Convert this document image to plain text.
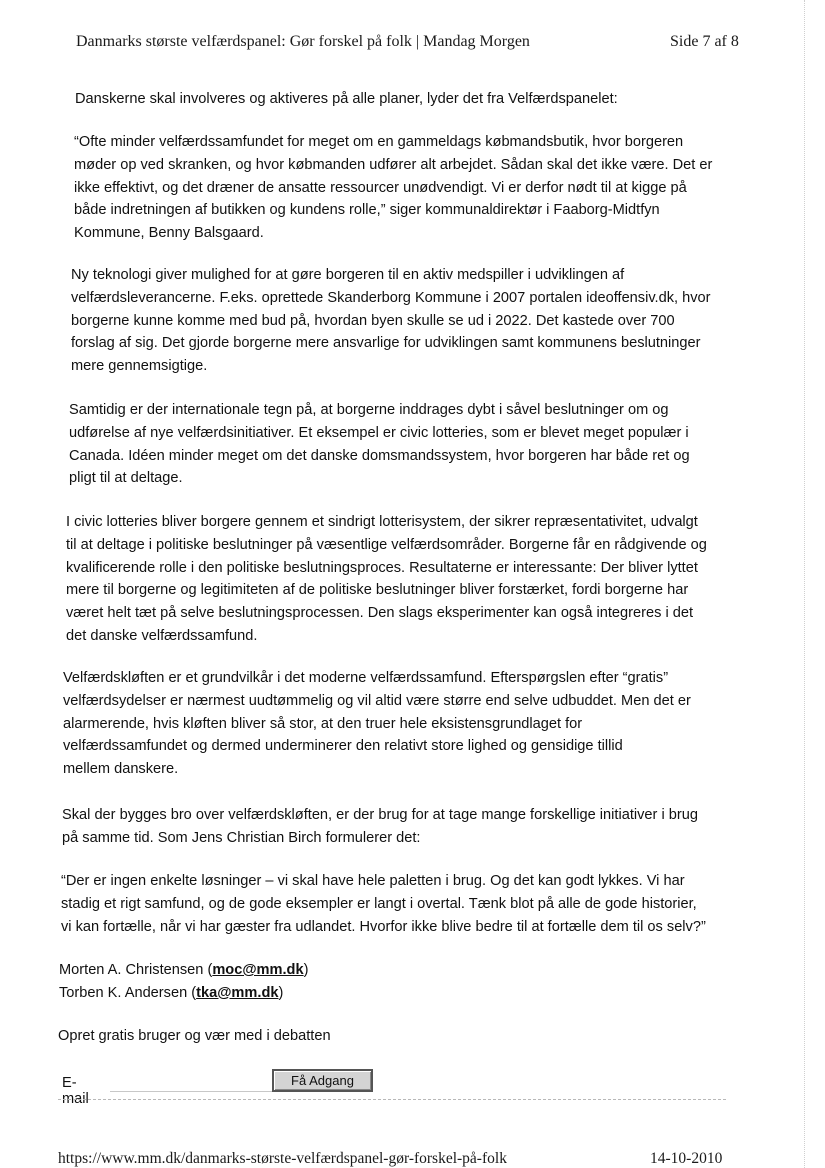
Danmarks største velfærdspanel: Gør forskel på folk | Mandag Morgen	Side 7 af 8
Danskerne skal involveres og aktiveres på alle planer, lyder det fra Velfærdspanelet:
“Ofte minder velfærdssamfundet for meget om en gammeldags købmandsbutik, hvor borgeren
møder op ved skranken, og hvor købmanden udfører alt arbejdet. Sådan skal det ikke være. Det er
ikke effektivt, og det dræner de ansatte ressourcer unødvendigt. Vi er derfor nødt til at kigge på
både indretningen af butikken og kundens rolle,” siger kommunaldirektør i Faaborg-Midtfyn
Kommune, Benny Balsgaard.
Ny teknologi giver mulighed for at gøre borgeren til en aktiv medspiller i udviklingen af
velfærdsleverancerne. F.eks. oprettede Skanderborg Kommune i 2007 portalen ideoffensiv.dk, hvor
borgerne kunne komme med bud på, hvordan byen skulle se ud i 2022. Det kastede over 700
forslag af sig. Det gjorde borgerne mere ansvarlige for udviklingen samt kommunens beslutninger
mere gennemsigtige.
Samtidig er der internationale tegn på, at borgerne inddrages dybt i såvel beslutninger om og
udførelse af nye velfærdsinitiativer. Et eksempel er civic lotteries, som er blevet meget populær i
Canada. Idéen minder meget om det danske domsmandssystem, hvor borgeren har både ret og
pligt til at deltage.
I civic lotteries bliver borgere gennem et sindrigt lotterisystem, der sikrer repræsentativitet, udvalgt
til at deltage i politiske beslutninger på væsentlige velfærdsområder. Borgerne får en rådgivende og
kvalificerende rolle i den politiske beslutningsproces. Resultaterne er interessante: Der bliver lyttet
mere til borgerne og legitimiteten af de politiske beslutninger bliver forstærket, fordi borgerne har
været helt tæt på selve beslutningsprocessen. Den slags eksperimenter kan også integreres i det
det danske velfærdssamfund.
Velfærdskløften er et grundvilkår i det moderne velfærdssamfund. Efterspørgslen efter “gratis”
velfærdsydelser er nærmest uudtømmelig og vil altid være større end selve udbuddet. Men det er
alarmerende, hvis kløften bliver så stor, at den truer hele eksistensgrundlaget for
velfærdssamfundet og dermed underminerer den relativt store lighed og gensidige tillid
mellem danskere.
Skal der bygges bro over velfærdskløften, er der brug for at tage mange forskellige initiativer i brug
på samme tid. Som Jens Christian Birch formulerer det:
“Der er ingen enkelte løsninger – vi skal have hele paletten i brug. Og det kan godt lykkes. Vi har
stadig et rigt samfund, og de gode eksempler er langt i overtal. Tænk blot på alle de gode historier,
vi kan fortælle, når vi har gæster fra udlandet. Hvorfor ikke blive bedre til at fortælle dem til os selv?”
Morten A. Christensen (moc@mm.dk)
Torben K. Andersen (tka@mm.dk)
Opret gratis bruger og vær med i debatten
E-mail
Få Adgang
https://www.mm.dk/danmarks-største-velfærdspanel-gør-forskel-på-folk	14-10-2010
